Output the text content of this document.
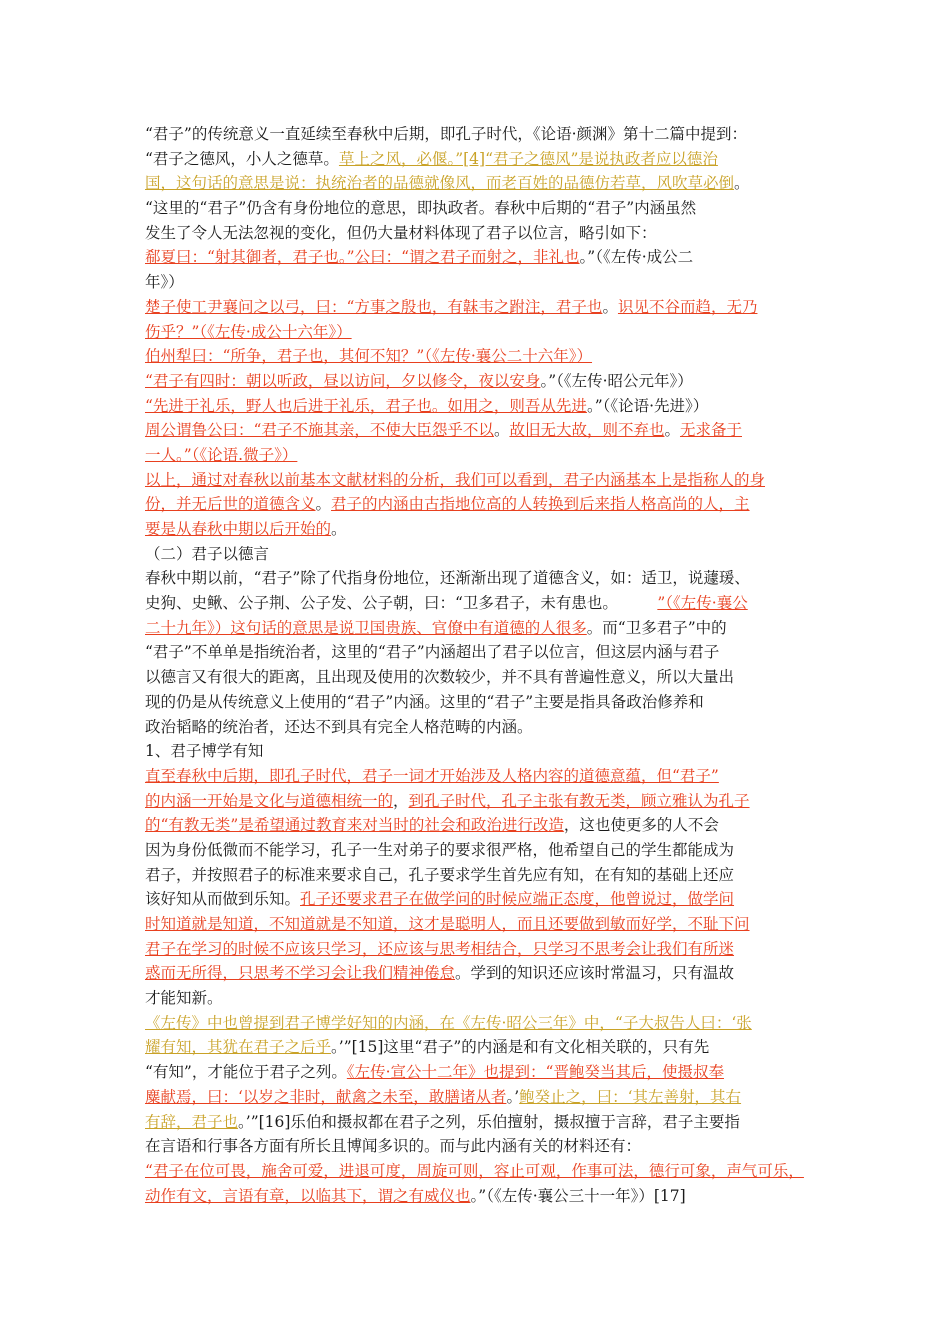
“君子”的传统意义一直延续至春秋中后期，即孔子时代，《论语·颜渊》第十二篇中提到：
“君子之德风，小人之德草。草上之风，必偃。”[4]“君子之德风”是说执政者应以德治
国，这句话的意思是说：执统治者的品德就像风，而老百姓的品德仿若草，风吹草必倒。
“这里的“君子”仍含有身份地位的意思，即执政者。春秋中后期的“君子”内涵虽然
发生了令人无法忽视的变化，但仍大量材料体现了君子以位言，略引如下：
郗夏曰：“射其御者，君子也。”公曰：“谓之君子而射之，非礼也。”（《左传·成公二
年》）
楚子使工尹襄问之以弓，曰：“方事之殷也，有韎韦之跗注，君子也。识见不谷而趋，无乃
伤乎？”（《左传·成公十六年》）
伯州犁曰：“所争，君子也，其何不知？”（《左传·襄公二十六年》）
“君子有四时：朝以听政，昼以访问，夕以修令，夜以安身。”（《左传·昭公元年》）
“先进于礼乐，野人也后进于礼乐，君子也。如用之，则吾从先进。”（《论语·先进》）
周公谓鲁公曰：“君子不施其亲，不使大臣怨乎不以。故旧无大故，则不弃也。无求备于
一人。”（《论语.微子》）
以上，通过对春秋以前基本文献材料的分析，我们可以看到，君子内涵基本上是指称人的身
份，并无后世的道德含义。君子的内涵由古指地位高的人转换到后来指人格高尚的人，主
要是从春秋中期以后开始的。
（二）君子以德言
春秋中期以前，“君子”除了代指身份地位，还渐渐出现了道德含义，如：适卫，说蘧瑗、
史狗、史鳅、公子荆、公子发、公子朝，曰：“卫多君子，未有患也。        ”（《左传·襄公
二十九年》）这句话的意思是说卫国贵族、官僚中有道德的人很多。而“卫多君子”中的
“君子”不单单是指统治者，这里的“君子”内涵超出了君子以位言，但这层内涵与君子
以德言又有很大的距离，且出现及使用的次数较少，并不具有普遍性意义，所以大量出
现的仍是从传统意义上使用的“君子”内涵。这里的“君子”主要是指具备政治修养和
政治韬略的统治者，还达不到具有完全人格范畴的内涵。
1、君子博学有知
直至春秋中后期，即孔子时代，君子一词才开始涉及人格内容的道德意蕴，但“君子”
的内涵一开始是文化与道德相统一的，到孔子时代，孔子主张有教无类，顾立雅认为孔子
的“有教无类”是希望通过教育来对当时的社会和政治进行改造，这也使更多的人不会
因为身份低微而不能学习，孔子一生对弟子的要求很严格，他希望自己的学生都能成为
君子，并按照君子的标准来要求自己，孔子要求学生首先应有知，在有知的基础上还应
该好知从而做到乐知。孔子还要求君子在做学问的时候应端正态度，他曾说过，做学问
时知道就是知道，不知道就是不知道，这才是聪明人，而且还要做到敏而好学，不耻下问
君子在学习的时候不应该只学习，还应该与思考相结合，只学习不思考会让我们有所迷
惑而无所得，只思考不学习会让我们精神倦怠。学到的知识还应该时常温习，只有温故
才能知新。
《左传》中也曾提到君子博学好知的内涵，在《左传·昭公三年》中，“子大叔告人曰：‘张
耀有知，其犹在君子之后乎。’”[15]这里“君子”的内涵是和有文化相关联的，只有先
“有知”，才能位于君子之列。《左传·宣公十二年》也提到：“晋鲍癸当其后，使摄叔奉
麋献焉，曰：‘以岁之非时，献禽之未至，敢膳诸从者。’鲍癸止之，曰：‘其左善射，其右
有辞，君子也。’”[16]乐伯和摄叔都在君子之列，乐伯擅射，摄叔擅于言辞，君子主要指
在言语和行事各方面有所长且博闻多识的。而与此内涵有关的材料还有：
“君子在位可畏，施舍可爱，进退可度，周旋可则，容止可观，作事可法，德行可象，声气可乐，
动作有文，言语有章，以临其下，谓之有威仪也。”（《左传·襄公三十一年》）[17]
